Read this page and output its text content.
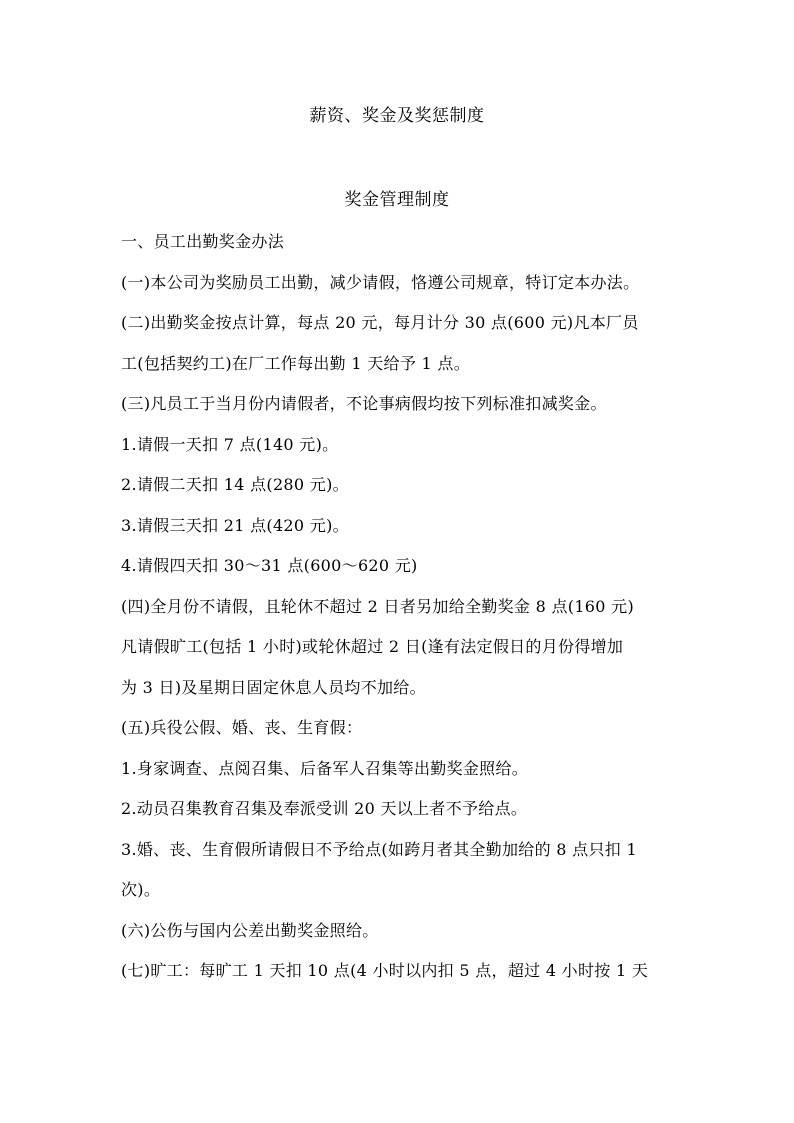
薪资、奖金及奖惩制度
奖金管理制度
一、员工出勤奖金办法
(一)本公司为奖励员工出勤，减少请假，恪遵公司规章，特订定本办法。
(二)出勤奖金按点计算，每点 20 元，每月计分 30 点(600 元)凡本厂员
工(包括契约工)在厂工作每出勤 1 天给予 1 点。
(三)凡员工于当月份内请假者，不论事病假均按下列标准扣减奖金。
1.请假一天扣 7 点(140 元)。
2.请假二天扣 14 点(280 元)。
3.请假三天扣 21 点(420 元)。
4.请假四天扣 30～31 点(600～620 元)
(四)全月份不请假，且轮休不超过 2 日者另加给全勤奖金 8 点(160 元)
凡请假旷工(包括 1 小时)或轮休超过 2 日(逢有法定假日的月份得增加
为 3 日)及星期日固定休息人员均不加给。
(五)兵役公假、婚、丧、生育假：
1.身家调查、点阅召集、后备军人召集等出勤奖金照给。
2.动员召集教育召集及奉派受训 20 天以上者不予给点。
3.婚、丧、生育假所请假日不予给点(如跨月者其全勤加给的 8 点只扣 1
次)。
(六)公伤与国内公差出勤奖金照给。
(七)旷工：每旷工 1 天扣 10 点(4 小时以内扣 5 点，超过 4 小时按 1 天
